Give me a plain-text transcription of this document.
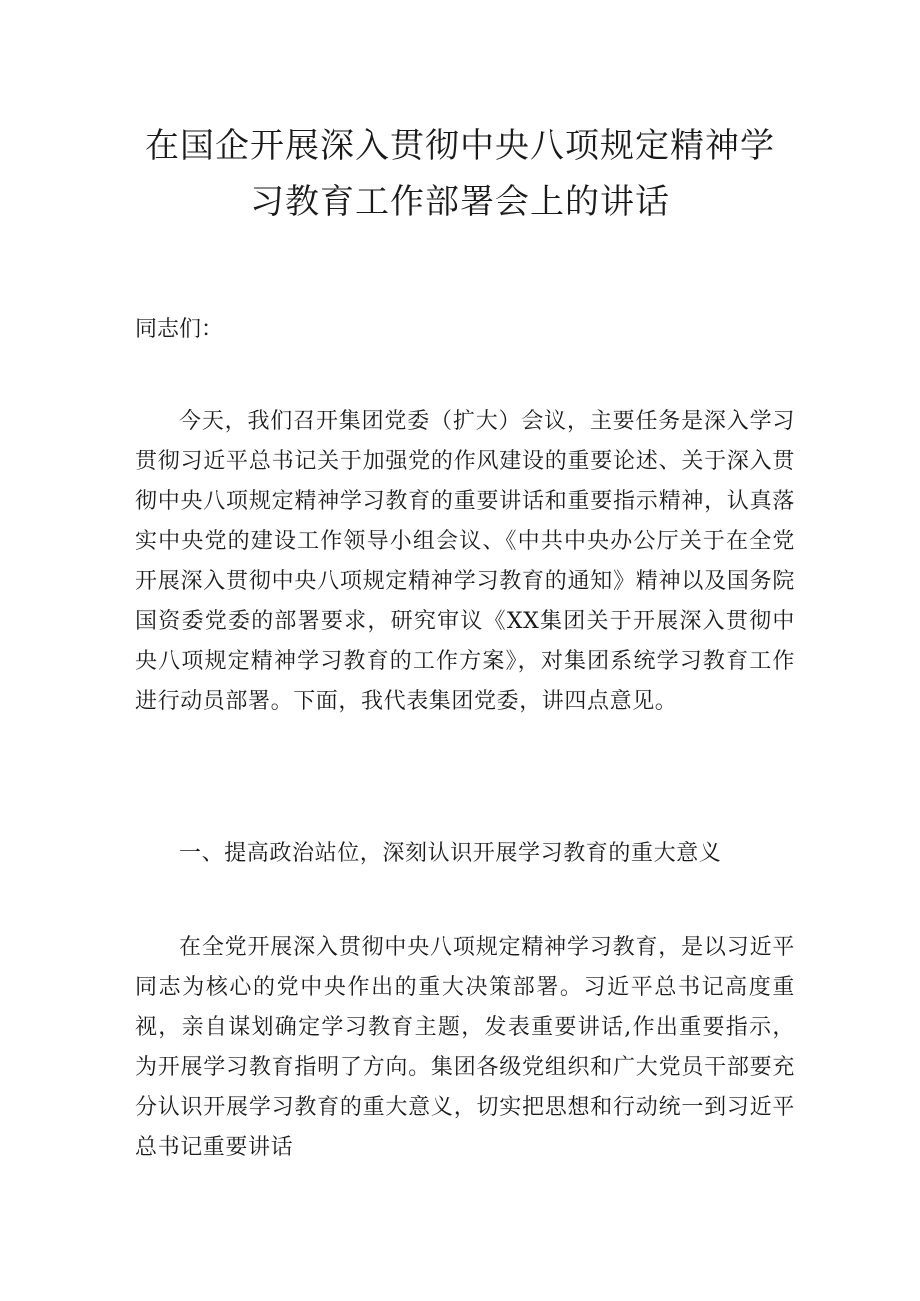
在国企开展深入贯彻中央八项规定精神学
习教育工作部署会上的讲话
同志们：

今天，我们召开集团党委（扩大）会议，主要任务是深入学习贯彻习近平总书记关于加强党的作风建设的重要论述、关于深入贯彻中央八项规定精神学习教育的重要讲话和重要指示精神，认真落实中央党的建设工作领导小组会议、《中共中央办公厅关于在全党开展深入贯彻中央八项规定精神学习教育的通知》精神以及国务院国资委党委的部署要求，研究审议《XX集团关于开展深入贯彻中央八项规定精神学习教育的工作方案》，对集团系统学习教育工作进行动员部署。下面，我代表集团党委，讲四点意见。

一、提高政治站位，深刻认识开展学习教育的重大意义

在全党开展深入贯彻中央八项规定精神学习教育，是以习近平同志为核心的党中央作出的重大决策部署。习近平总书记高度重视，亲自谋划确定学习教育主题，发表重要讲话,作出重要指示，为开展学习教育指明了方向。集团各级党组织和广大党员干部要充分认识开展学习教育的重大意义，切实把思想和行动统一到习近平总书记重要讲话
